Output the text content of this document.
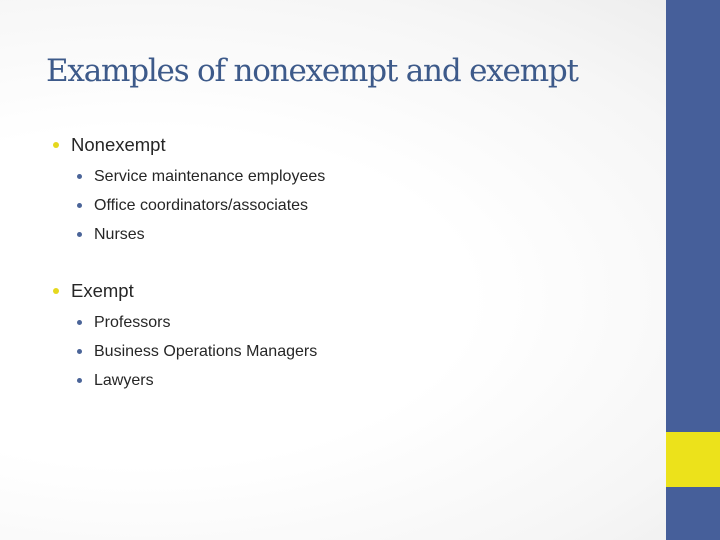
Examples of nonexempt and exempt
Nonexempt
Service maintenance employees
Office coordinators/associates
Nurses
Exempt
Professors
Business Operations Managers
Lawyers
